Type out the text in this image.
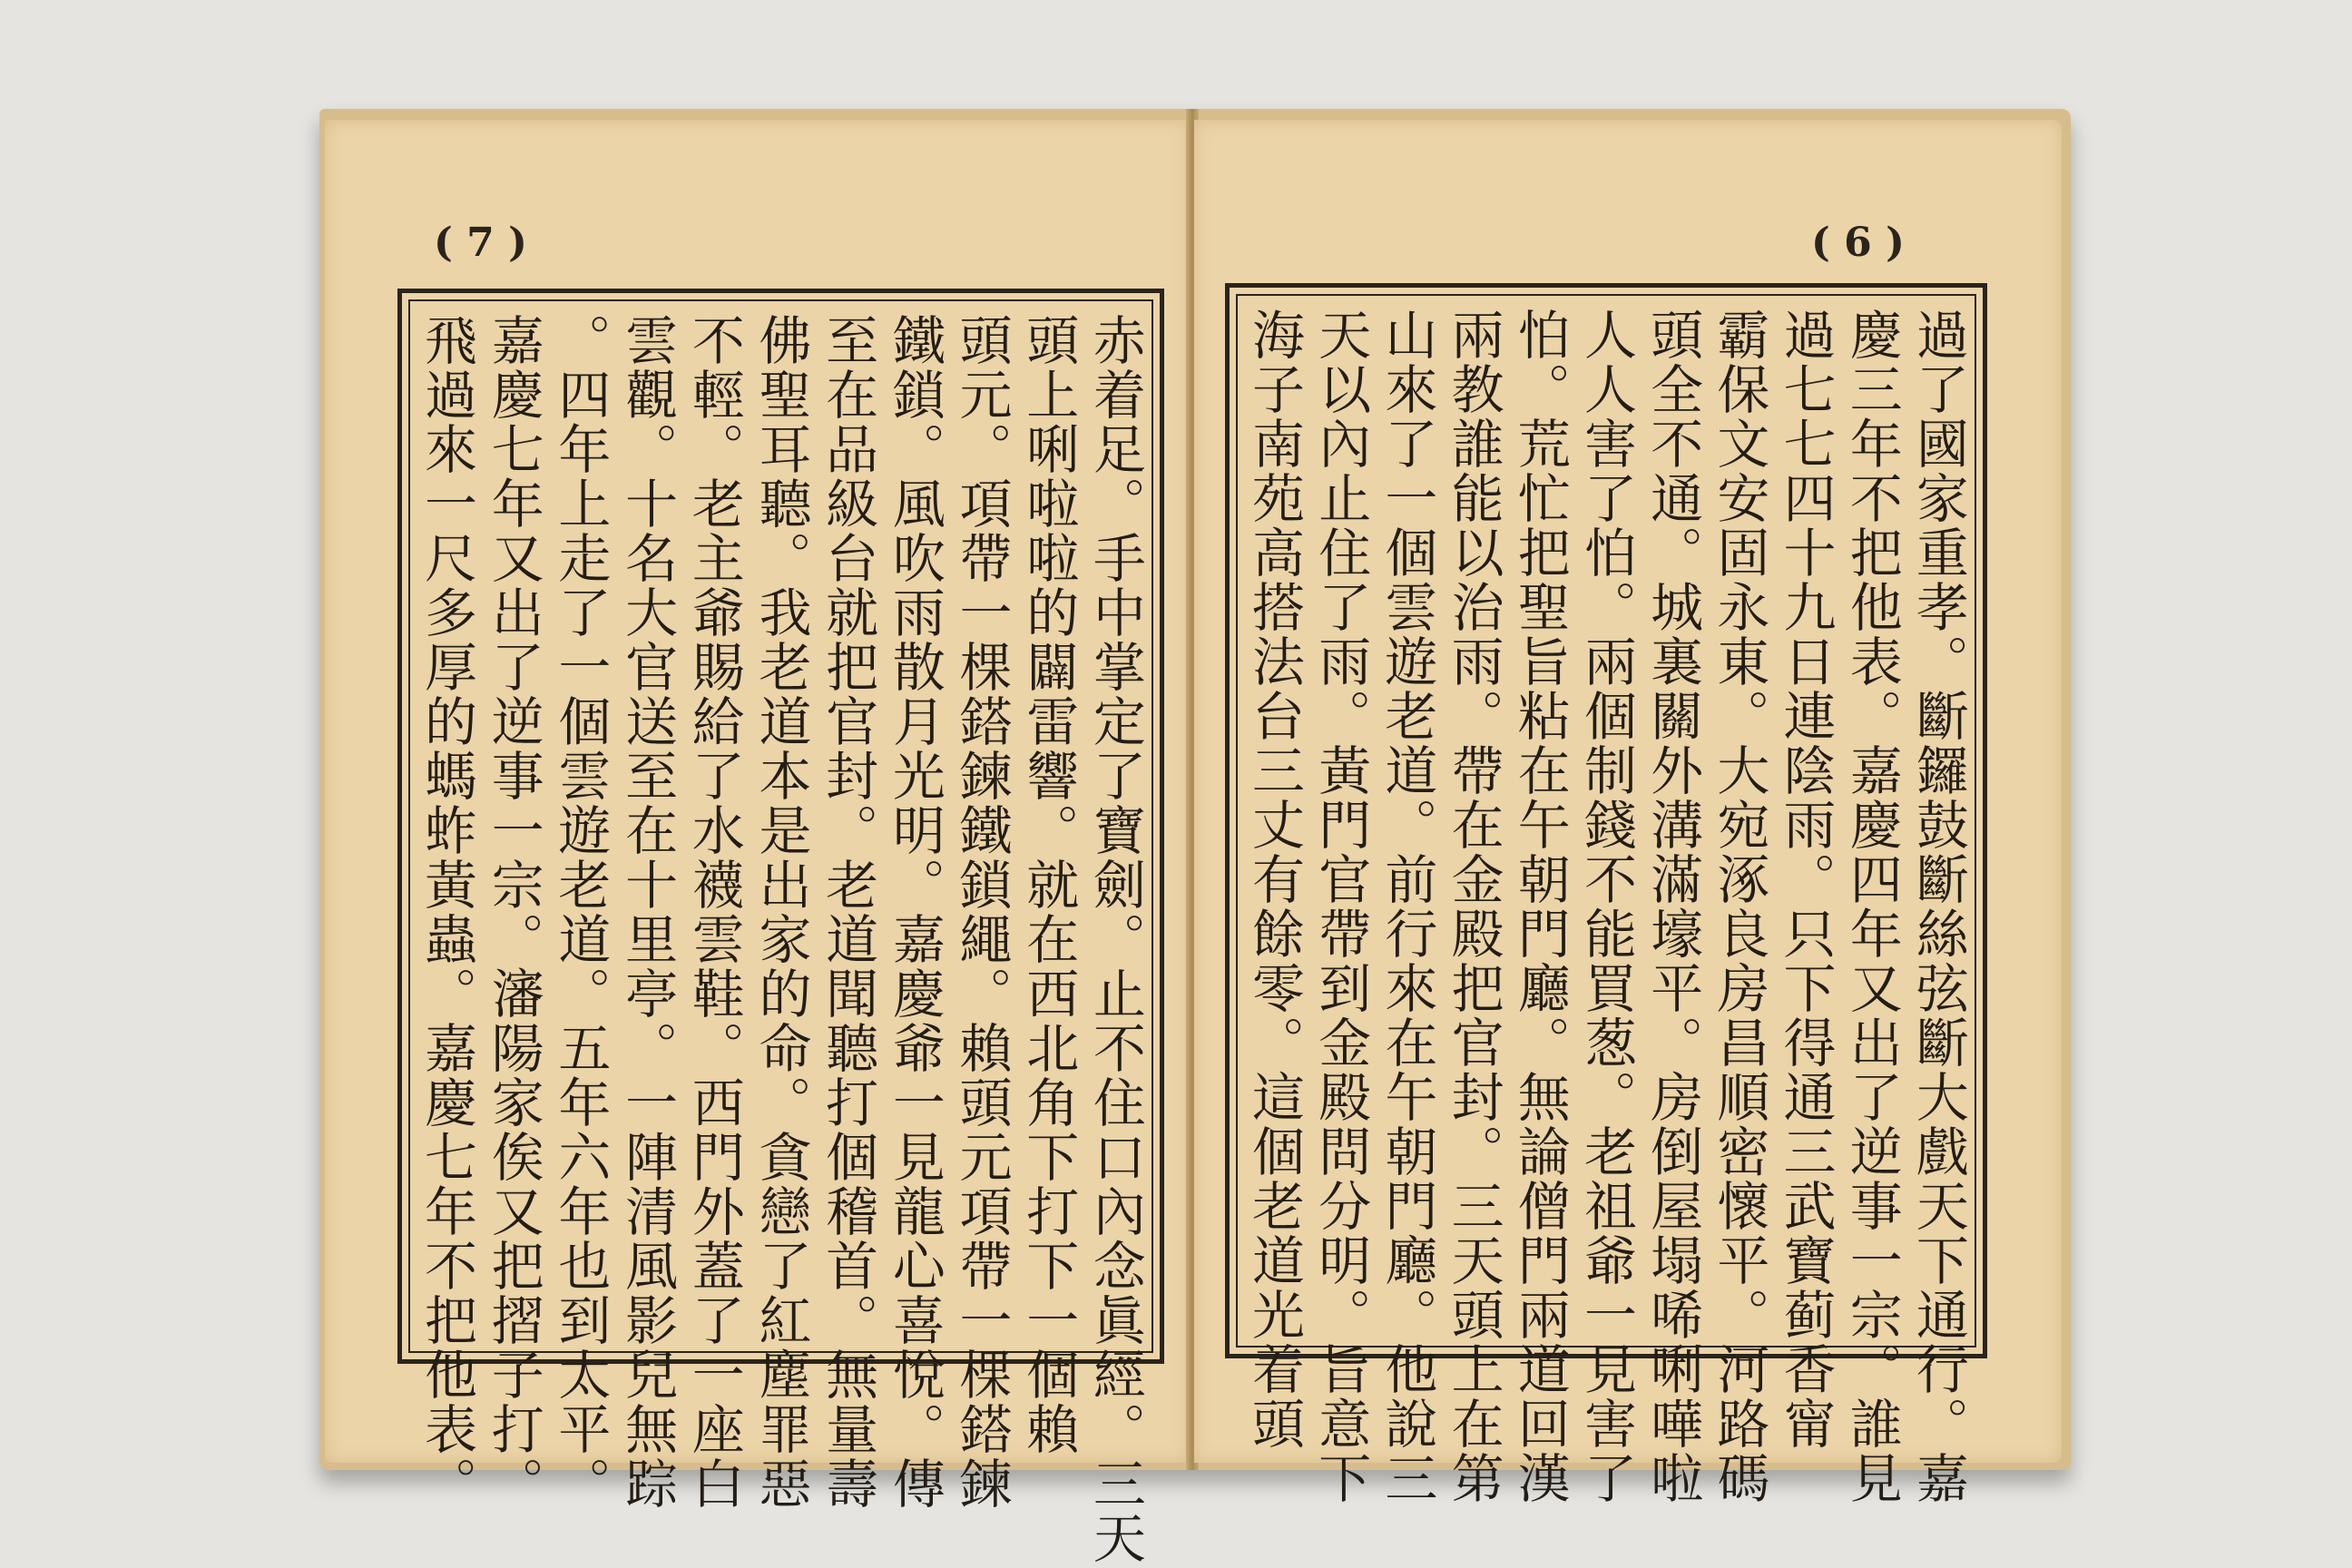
( 7 )
赤着足。手中掌定了寶劍。止不住口內念眞經。三天
頭上唎啦啦的闢雷響。就在西北角下打下一個賴
頭元。項帶一棵鎝鍊鐵鎖繩。賴頭元項帶一棵鎝鍊
鐵鎖。風吹雨散月光明。嘉慶爺一見龍心喜悅。傳
至在品級台就把官封。老道聞聽打個稽首。無量壽
佛聖耳聽。我老道本是出家的命。貪戀了紅塵罪惡
不輕。老主爺賜給了水襪雲鞋。西門外蓋了一座白
雲觀。十名大官送至在十里亭。一陣清風影兒無踪
。四年上走了一個雲遊老道。五年六年也到太平。
嘉慶七年又出了逆事一宗。瀋陽家俟又把摺子打。
飛過來一尺多厚的螞蚱黃蟲。嘉慶七年不把他表。
( 6 )
過了國家重孝。斷鑼鼓斷絲弦斷大戲天下通行。嘉
慶三年不把他表。嘉慶四年又出了逆事一宗。誰見
過七七四十九日連陰雨。只下得通三武寶蓟香甯
霸保文安固永東。大宛涿良房昌順密懷平。河路碼
頭全不通。城裏關外溝滿壕平。房倒屋塌唏唎嘩啦
人人害了怕。兩個制錢不能買葱。老祖爺一見害了
怕。荒忙把聖旨粘在午朝門廳。無論僧門兩道回漢
兩教誰能以治雨。帶在金殿把官封。三天頭上在第
山來了一個雲遊老道。前行來在午朝門廳。他說三
天以內止住了雨。黃門官帶到金殿問分明。旨意下
海子南苑高搭法台三丈有餘零。這個老道光着頭
